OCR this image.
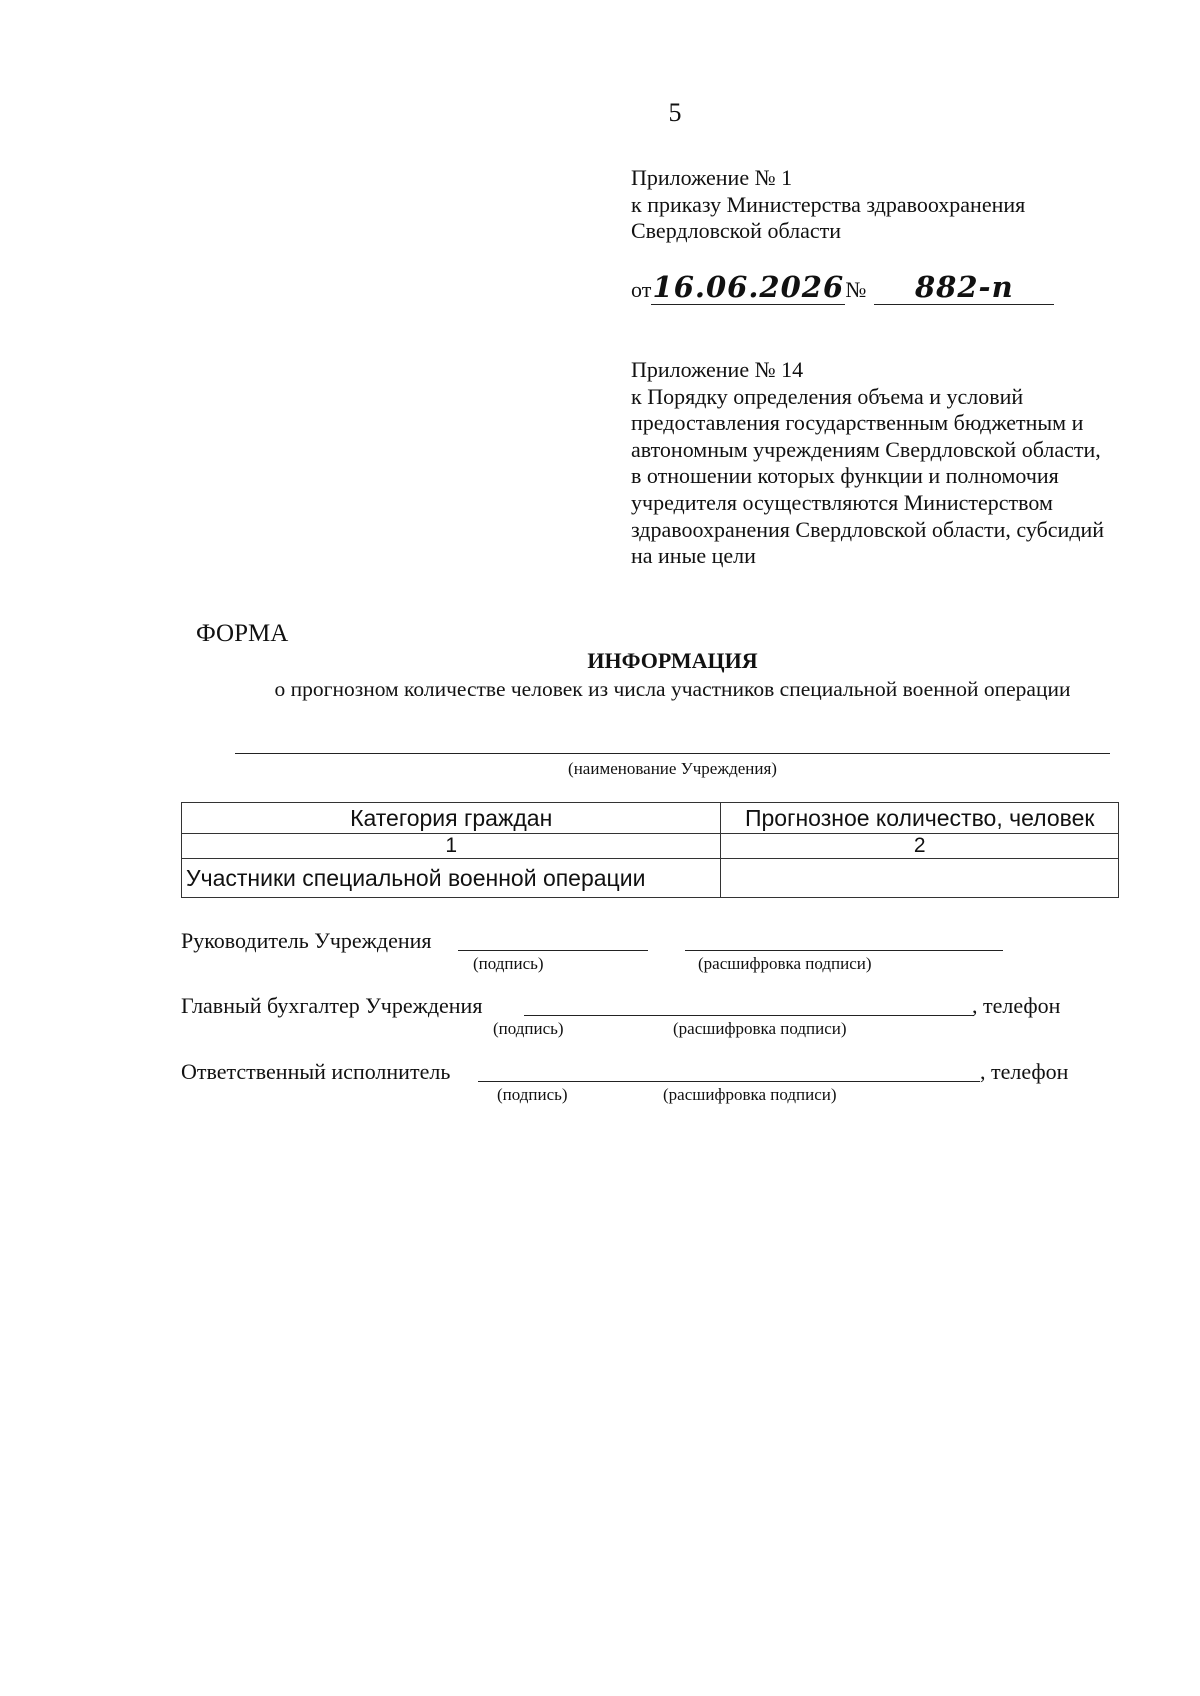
5
Приложение № 1
к приказу Министерства здравоохранения
Свердловской области
от16.06.2026№ 882-п
Приложение № 14
к Порядку определения объема и условий
предоставления государственным бюджетным и
автономным учреждениям Свердловской области,
в отношении которых функции и полномочия
учредителя осуществляются Министерством
здравоохранения Свердловской области, субсидий
на иные цели
ФОРМА
ИНФОРМАЦИЯ
о прогнозном количестве человек из числа участников специальной военной операции
(наименование Учреждения)
Категория граждан	Прогнозное количество, человек
1	2
Участники специальной военной операции	
Руководитель Учреждения
(подпись)	(расшифровка подписи)
Главный бухгалтер Учреждения	, телефон
(подпись)	(расшифровка подписи)
Ответственный исполнитель	, телефон
(подпись)	(расшифровка подписи)
